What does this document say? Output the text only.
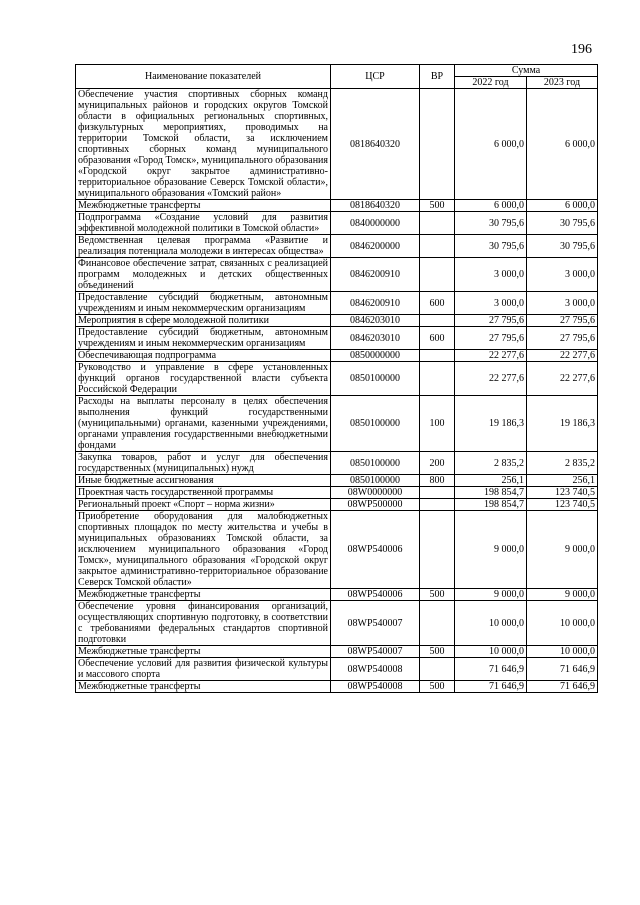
196
Наименование показателей	ЦСР	ВР	Сумма	
			2022 год	2023 год
Обеспечение участия спортивных сборных команд муниципальных районов и городских округов Томской области в официальных региональных спортивных, физкультурных мероприятиях, проводимых на территории Томской области, за исключением спортивных сборных команд муниципального образования «Город Томск», муниципального образования «Городской округ закрытое административно-территориальное образование Северск Томской области», муниципального образования «Томский район»	0818640320		6 000,0	6 000,0
Межбюджетные трансферты	0818640320	500	6 000,0	6 000,0
Подпрограмма «Создание условий для развития эффективной молодежной политики в Томской области»	0840000000		30 795,6	30 795,6
Ведомственная целевая программа «Развитие и реализация потенциала молодежи в интересах общества»	0846200000		30 795,6	30 795,6
Финансовое обеспечение затрат, связанных с реализацией программ молодежных и детских общественных объединений	0846200910		3 000,0	3 000,0
Предоставление субсидий бюджетным, автономным учреждениям и иным некоммерческим организациям	0846200910	600	3 000,0	3 000,0
Мероприятия в сфере молодежной политики	0846203010		27 795,6	27 795,6
Предоставление субсидий бюджетным, автономным учреждениям и иным некоммерческим организациям	0846203010	600	27 795,6	27 795,6
Обеспечивающая подпрограмма	0850000000		22 277,6	22 277,6
Руководство и управление в сфере установленных функций органов государственной власти субъекта Российской Федерации	0850100000		22 277,6	22 277,6
Расходы на выплаты персоналу в целях обеспечения выполнения функций государственными (муниципальными) органами, казенными учреждениями, органами управления государственными внебюджетными фондами	0850100000	100	19 186,3	19 186,3
Закупка товаров, работ и услуг для обеспечения государственных (муниципальных) нужд	0850100000	200	2 835,2	2 835,2
Иные бюджетные ассигнования	0850100000	800	256,1	256,1
Проектная часть государственной программы	08W0000000		198 854,7	123 740,5
Региональный проект «Спорт – норма жизни»	08WP500000		198 854,7	123 740,5
Приобретение оборудования для малобюджетных спортивных площадок по месту жительства и учебы в муниципальных образованиях Томской области, за исключением муниципального образования «Город Томск», муниципального образования «Городской округ закрытое административно-территориальное образование Северск Томской области»	08WP540006		9 000,0	9 000,0
Межбюджетные трансферты	08WP540006	500	9 000,0	9 000,0
Обеспечение уровня финансирования организаций, осуществляющих спортивную подготовку, в соответствии с требованиями федеральных стандартов спортивной подготовки	08WP540007		10 000,0	10 000,0
Межбюджетные трансферты	08WP540007	500	10 000,0	10 000,0
Обеспечение условий для развития физической культуры и массового спорта	08WP540008		71 646,9	71 646,9
Межбюджетные трансферты	08WP540008	500	71 646,9	71 646,9
